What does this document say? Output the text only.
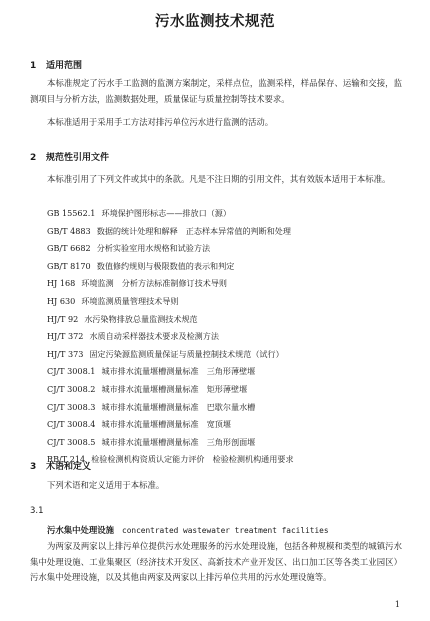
污水监测技术规范
1 适用范围
本标准规定了污水手工监测的监测方案制定，采样点位，监测采样，样品保存、运输和交接，监测项目与分析方法，监测数据处理，质量保证与质量控制等技术要求。
本标准适用于采用手工方法对排污单位污水进行监测的活动。
2 规范性引用文件
本标准引用了下列文件或其中的条款。凡是不注日期的引用文件，其有效版本适用于本标准。
GB 15562.1 环境保护图形标志——排放口（源）
GB/T 4883 数据的统计处理和解释　正态样本异常值的判断和处理
GB/T 6682 分析实验室用水规格和试验方法
GB/T 8170 数值修约规则与极限数值的表示和判定
HJ 168 环境监测　分析方法标准制修订技术导则
HJ 630 环境监测质量管理技术导则
HJ/T 92 水污染物排放总量监测技术规范
HJ/T 372 水质自动采样器技术要求及检测方法
HJ/T 373 固定污染源监测质量保证与质量控制技术规范（试行）
CJ/T 3008.1 城市排水流量堰槽测量标准　三角形薄壁堰
CJ/T 3008.2 城市排水流量堰槽测量标准　矩形薄壁堰
CJ/T 3008.3 城市排水流量堰槽测量标准　巴歇尔量水槽
CJ/T 3008.4 城市排水流量堰槽测量标准　宽顶堰
CJ/T 3008.5 城市排水流量堰槽测量标准　三角形剖面堰
RB/T 214 检验检测机构资质认定能力评价　检验检测机构通用要求
3 术语和定义
下列术语和定义适用于本标准。
3.1
污水集中处理设施 concentrated wastewater treatment facilities
为两家及两家以上排污单位提供污水处理服务的污水处理设施，包括各种规模和类型的城镇污水集中处理设施、工业集聚区（经济技术开发区、高新技术产业开发区、出口加工区等各类工业园区）污水集中处理设施，以及其他由两家及两家以上排污单位共用的污水处理设施等。
1
